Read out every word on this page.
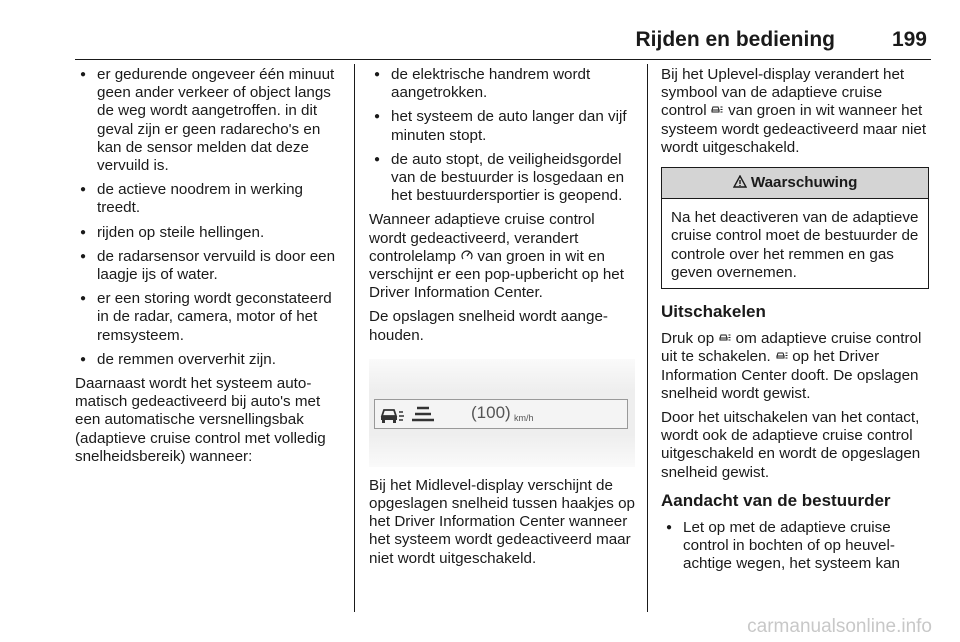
Rijden en bediening	199
● er gedurende ongeveer één minuut geen ander verkeer of object langs de weg wordt aangetroffen. in dit geval zijn er geen radarecho's en kan de sensor melden dat deze vervuild is.
● de actieve noodrem in werking treedt.
● rijden op steile hellingen.
● de radarsensor vervuild is door een laagje ijs of water.
● er een storing wordt geconstateerd in de radar, camera, motor of het remsysteem.
● de remmen oververhit zijn.

Daarnaast wordt het systeem automatisch gedeactiveerd bij auto's met een automatische versnellingsbak (adaptieve cruise control met volledig snelheidsbereik) wanneer:

● de elektrische handrem wordt aangetrokken.
● het systeem de auto langer dan vijf minuten stopt.
● de auto stopt, de veiligheidsgordel van de bestuurder is losgedaan en het bestuurdersportier is geopend.

Wanneer adaptieve cruise control wordt gedeactiveerd, verandert controlelamp van groen in wit en verschijnt er een pop-upbericht op het Driver Information Center.

De opslagen snelheid wordt aangehouden.

(100) km/h

Bij het Midlevel-display verschijnt de opgeslagen snelheid tussen haakjes op het Driver Information Center wanneer het systeem wordt gedeactiveerd maar niet wordt uitgeschakeld.

Bij het Uplevel-display verandert het symbool van de adaptieve cruise control van groen in wit wanneer het systeem wordt gedeactiveerd maar niet wordt uitgeschakeld.

Waarschuwing
Na het deactiveren van de adaptieve cruise control moet de bestuurder de controle over het remmen en gas geven overnemen.
Uitschakelen

Druk op om adaptieve cruise control uit te schakelen. op het Driver Information Center dooft. De opslagen snelheid wordt gewist.

Door het uitschakelen van het contact, wordt ook de adaptieve cruise control uitgeschakeld en wordt de opgeslagen snelheid gewist.

Aandacht van de bestuurder
● Let op met de adaptieve cruise control in bochten of op heuvelachtige wegen, het systeem kan
carmanualsonline.info
